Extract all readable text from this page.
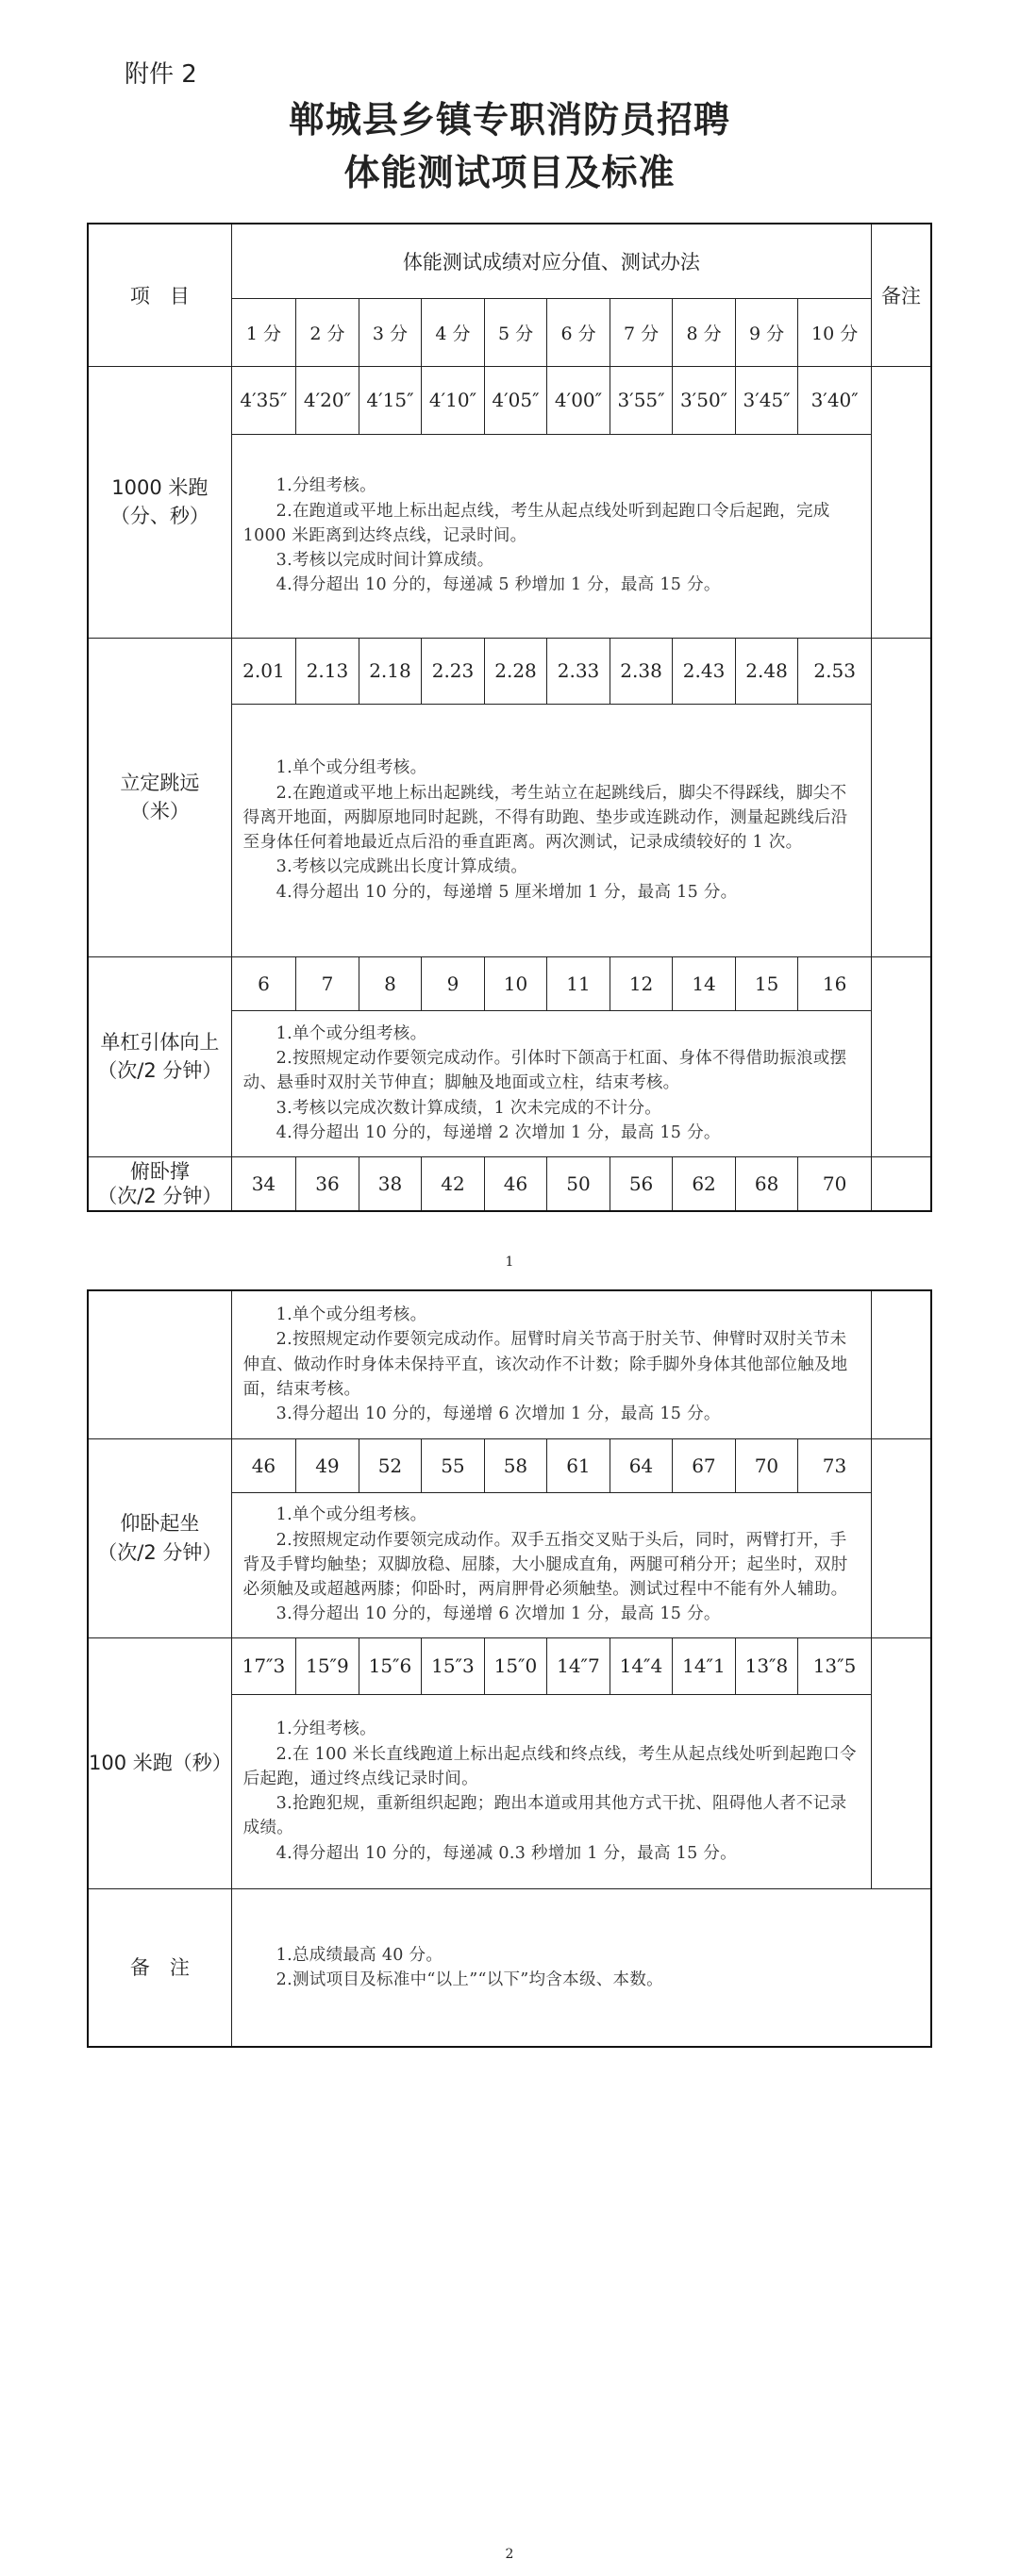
附件 2
郸城县乡镇专职消防员招聘
体能测试项目及标准
项　目	体能测试成绩对应分值、测试办法										备注
	1 分	2 分	3 分	4 分	5 分	6 分	7 分	8 分	9 分	10 分	

1000 米跑
（分、秒）	4′35″	4′20″	4′15″	4′10″	4′05″	4′00″	3′55″	3′50″	3′45″	3′40″	

	1.分组考核。
2.在跑道或平地上标出起点线，考生从起点线处听到起跑口令后起跑，完成 1000 米距离到达终点线，记录时间。
3.考核以完成时间计算成绩。
4.得分超出 10 分的，每递减 5 秒增加 1 分，最高 15 分。										

立定跳远
（米）	2.01	2.13	2.18	2.23	2.28	2.33	2.38	2.43	2.48	2.53	

	1.单个或分组考核。
2.在跑道或平地上标出起跳线，考生站立在起跳线后，脚尖不得踩线，脚尖不得离开地面，两脚原地同时起跳，不得有助跑、垫步或连跳动作，测量起跳线后沿至身体任何着地最近点后沿的垂直距离。两次测试，记录成绩较好的 1 次。
3.考核以完成跳出长度计算成绩。
4.得分超出 10 分的，每递增 5 厘米增加 1 分，最高 15 分。										

单杠引体向上
（次/2 分钟）	6	7	8	9	10	11	12	14	15	16	

	1.单个或分组考核。
2.按照规定动作要领完成动作。引体时下颌高于杠面、身体不得借助振浪或摆动、悬垂时双肘关节伸直；脚触及地面或立柱，结束考核。
3.考核以完成次数计算成绩，1 次未完成的不计分。
4.得分超出 10 分的，每递增 2 次增加 1 分，最高 15 分。										

俯卧撑
（次/2 分钟）	34	36	38	42	46	50	56	62	68	70	
1

	1.单个或分组考核。
2.按照规定动作要领完成动作。屈臂时肩关节高于肘关节、伸臂时双肘关节未伸直、做动作时身体未保持平直，该次动作不计数；除手脚外身体其他部位触及地面，结束考核。
3.得分超出 10 分的，每递增 6 次增加 1 分，最高 15 分。										

仰卧起坐
（次/2 分钟）	46	49	52	55	58	61	64	67	70	73	

	1.单个或分组考核。
2.按照规定动作要领完成动作。双手五指交叉贴于头后，同时，两臂打开，手背及手臂均触垫；双脚放稳、屈膝，大小腿成直角，两腿可稍分开；起坐时，双肘必须触及或超越两膝；仰卧时，两肩胛骨必须触垫。测试过程中不能有外人辅助。
3.得分超出 10 分的，每递增 6 次增加 1 分，最高 15 分。										

100 米跑（秒）	17″3	15″9	15″6	15″3	15″0	14″7	14″4	14″1	13″8	13″5	

	1.分组考核。
2.在 100 米长直线跑道上标出起点线和终点线，考生从起点线处听到起跑口令后起跑，通过终点线记录时间。
3.抢跑犯规，重新组织起跑；跑出本道或用其他方式干扰、阻碍他人者不记录成绩。
4.得分超出 10 分的，每递减 0.3 秒增加 1 分，最高 15 分。										

备　注	1.总成绩最高 40 分。
2.测试项目及标准中“以上”“以下”均含本级、本数。										
2
